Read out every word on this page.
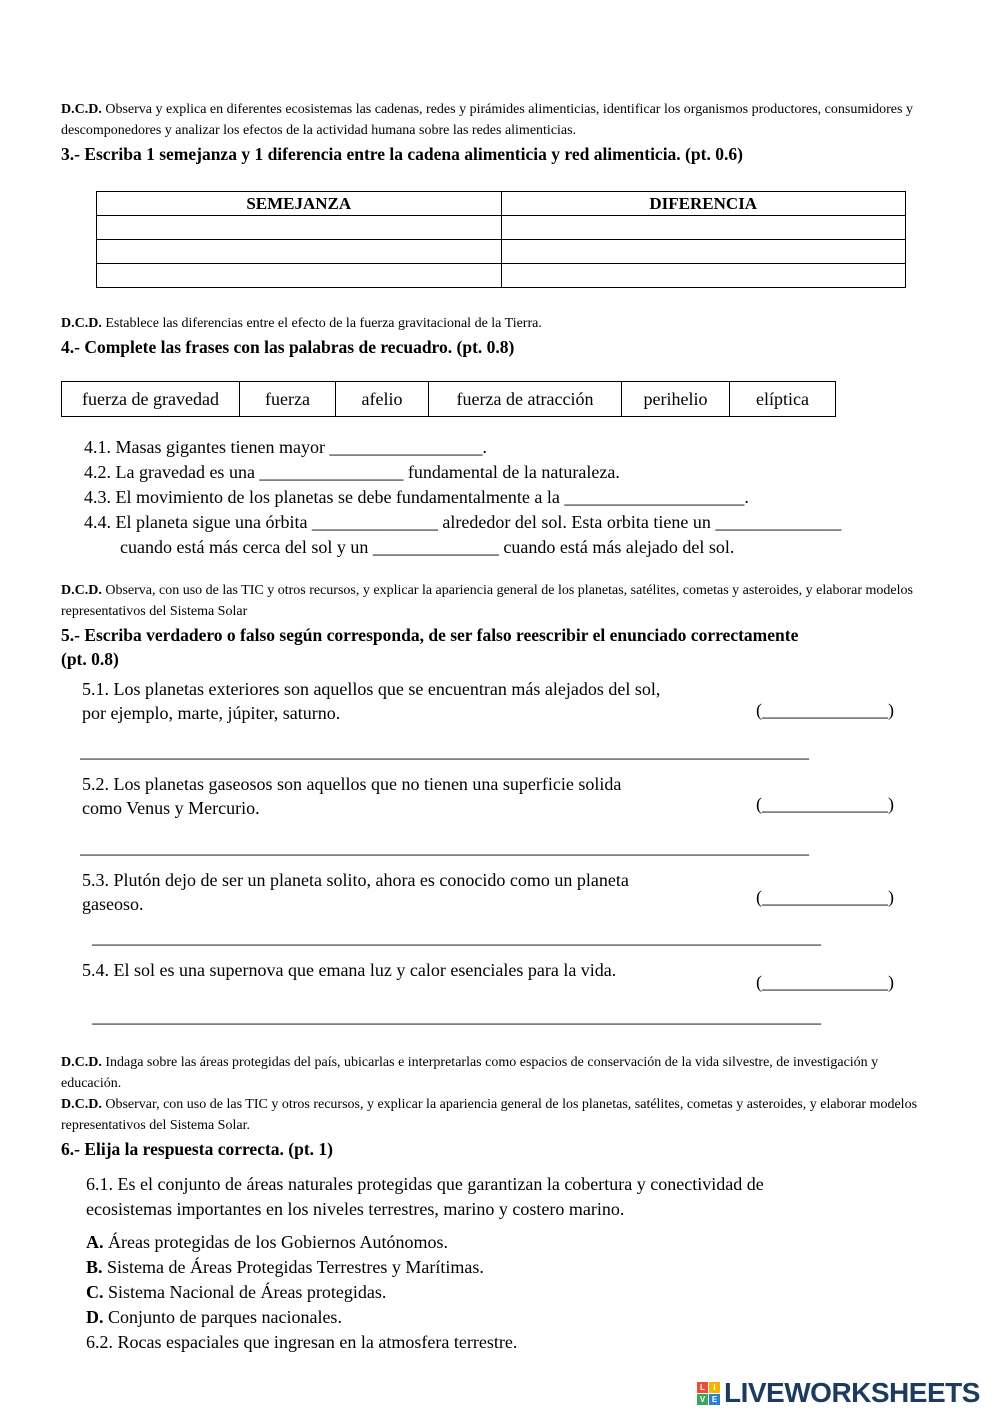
D.C.D. Observa y explica en diferentes ecosistemas las cadenas, redes y pirámides alimenticias, identificar los organismos productores, consumidores y descomponedores y analizar los efectos de la actividad humana sobre las redes alimenticias.
3.- Escriba 1 semejanza y 1 diferencia entre la cadena alimenticia y red alimenticia. (pt. 0.6)
SEMEJANZA	DIFERENCIA

D.C.D. Establece las diferencias entre el efecto de la fuerza gravitacional de la Tierra.
4.- Complete las frases con las palabras de recuadro. (pt. 0.8)
fuerza de gravedad	fuerza	afelio	fuerza de atracción	perihelio	elíptica
4.1. Masas gigantes tienen mayor _________________.
4.2. La gravedad es una ________________ fundamental de la naturaleza.
4.3. El movimiento de los planetas se debe fundamentalmente a la ____________________.
4.4. El planeta sigue una órbita ______________ alrededor del sol. Esta orbita tiene un ______________
cuando está más cerca del sol y un ______________ cuando está más alejado del sol.
D.C.D. Observa, con uso de las TIC y otros recursos, y explicar la apariencia general de los planetas, satélites, cometas y asteroides, y elaborar modelos representativos del Sistema Solar
5.- Escriba verdadero o falso según corresponda, de ser falso reescribir el enunciado correctamente
(pt. 0.8)
5.1. Los planetas exteriores son aquellos que se encuentran más alejados del sol,
por ejemplo, marte, júpiter, saturno.	(______________)
_________________________________________________________________________________
5.2. Los planetas gaseosos son aquellos que no tienen una superficie solida
como Venus y Mercurio.	(______________)
_________________________________________________________________________________
5.3. Plutón dejo de ser un planeta solito, ahora es conocido como un planeta
gaseoso.	(______________)
_________________________________________________________________________________
5.4. El sol es una supernova que emana luz y calor esenciales para la vida.
(______________)
_________________________________________________________________________________
D.C.D. Indaga sobre las áreas protegidas del país, ubicarlas e interpretarlas como espacios de conservación de la vida silvestre, de investigación y educación.
D.C.D. Observar, con uso de las TIC y otros recursos, y explicar la apariencia general de los planetas, satélites, cometas y asteroides, y elaborar modelos representativos del Sistema Solar.
6.- Elija la respuesta correcta. (pt. 1)
6.1. Es el conjunto de áreas naturales protegidas que garantizan la cobertura y conectividad de
ecosistemas importantes en los niveles terrestres, marino y costero marino.
A. Áreas protegidas de los Gobiernos Autónomos.
B. Sistema de Áreas Protegidas Terrestres y Marítimas.
C. Sistema Nacional de Áreas protegidas.
D. Conjunto de parques nacionales.
6.2. Rocas espaciales que ingresan en la atmosfera terrestre.
L	I
V E LIVEWORKSHEETS
